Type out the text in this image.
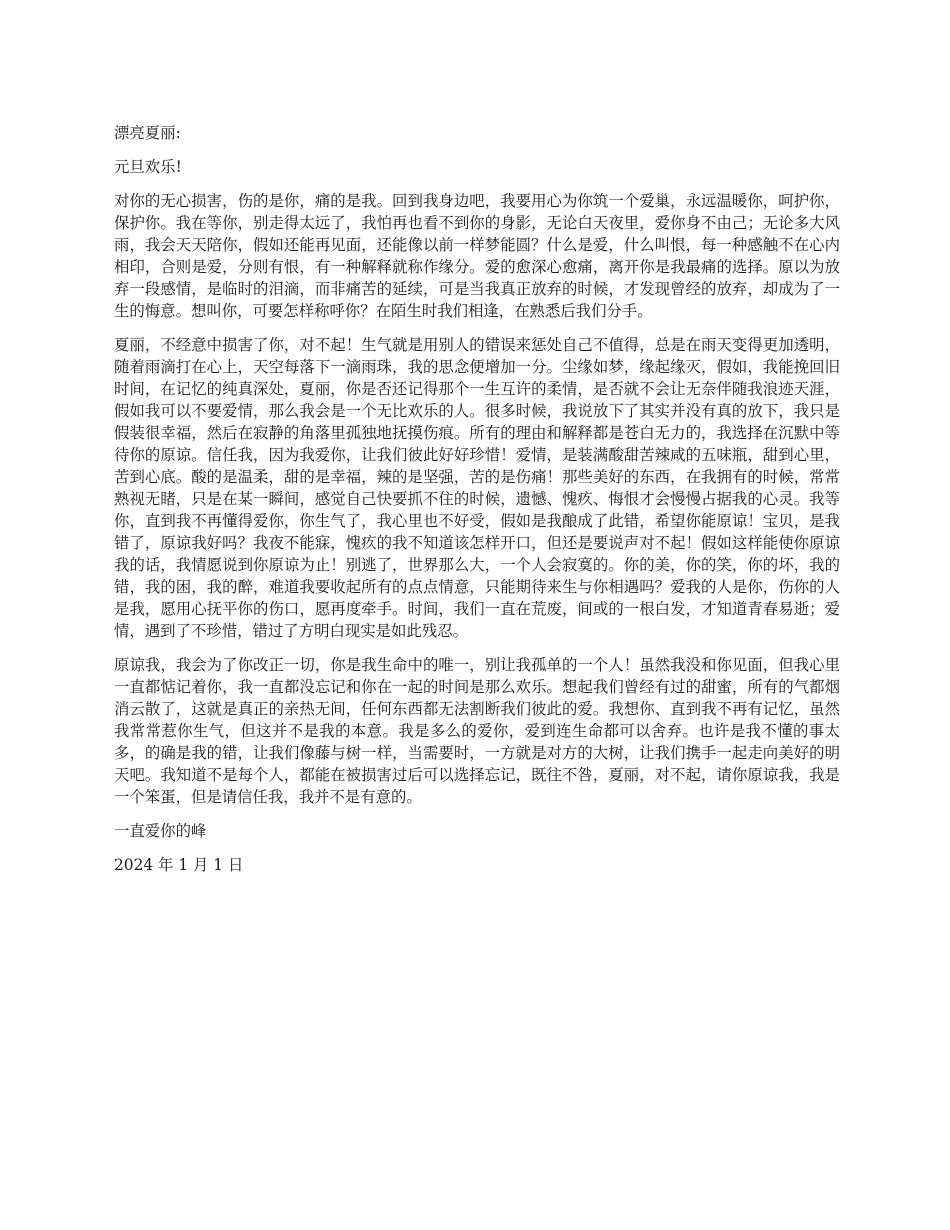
漂亮夏丽:

元旦欢乐!

对你的无心损害，伤的是你，痛的是我。回到我身边吧，我要用心为你筑一个爱巢，永远温暖你，呵护你，保护你。我在等你，别走得太远了，我怕再也看不到你的身影，无论白天夜里，爱你身不由己；无论多大风雨，我会天天陪你，假如还能再见面，还能像以前一样梦能圆？什么是爱，什么叫恨，每一种感触不在心内相印，合则是爱，分则有恨，有一种解释就称作缘分。爱的愈深心愈痛，离开你是我最痛的选择。原以为放弃一段感情，是临时的泪滴，而非痛苦的延续，可是当我真正放弃的时候，才发现曾经的放弃，却成为了一生的悔意。想叫你，可要怎样称呼你？在陌生时我们相逢，在熟悉后我们分手。

夏丽，不经意中损害了你，对不起！生气就是用别人的错误来惩处自己不值得，总是在雨天变得更加透明，随着雨滴打在心上，天空每落下一滴雨珠，我的思念便增加一分。尘缘如梦，缘起缘灭，假如，我能挽回旧时间，在记忆的纯真深处，夏丽，你是否还记得那个一生互许的柔情，是否就不会让无奈伴随我浪迹天涯，假如我可以不要爱情，那么我会是一个无比欢乐的人。很多时候，我说放下了其实并没有真的放下，我只是假装很幸福，然后在寂静的角落里孤独地抚摸伤痕。所有的理由和解释都是苍白无力的，我选择在沉默中等待你的原谅。信任我，因为我爱你，让我们彼此好好珍惜！爱情，是装满酸甜苦辣咸的五味瓶，甜到心里，苦到心底。酸的是温柔，甜的是幸福，辣的是坚强，苦的是伤痛！那些美好的东西，在我拥有的时候，常常熟视无睹，只是在某一瞬间，感觉自己快要抓不住的时候，遗憾、愧疚、悔恨才会慢慢占据我的心灵。我等你，直到我不再懂得爱你，你生气了，我心里也不好受，假如是我酿成了此错，希望你能原谅！宝贝，是我错了，原谅我好吗？我夜不能寐，愧疚的我不知道该怎样开口，但还是要说声对不起！假如这样能使你原谅我的话，我情愿说到你原谅为止！别逃了，世界那么大，一个人会寂寞的。你的美，你的笑，你的坏，我的错，我的困，我的醉，难道我要收起所有的点点情意，只能期待来生与你相遇吗？爱我的人是你，伤你的人是我，愿用心抚平你的伤口，愿再度牵手。时间，我们一直在荒废，间或的一根白发，才知道青春易逝；爱情，遇到了不珍惜，错过了方明白现实是如此残忍。

原谅我，我会为了你改正一切，你是我生命中的唯一，别让我孤单的一个人！虽然我没和你见面，但我心里一直都惦记着你，我一直都没忘记和你在一起的时间是那么欢乐。想起我们曾经有过的甜蜜，所有的气都烟消云散了，这就是真正的亲热无间，任何东西都无法割断我们彼此的爱。我想你、直到我不再有记忆，虽然我常常惹你生气，但这并不是我的本意。我是多么的爱你，爱到连生命都可以舍弃。也许是我不懂的事太多，的确是我的错，让我们像藤与树一样，当需要时，一方就是对方的大树，让我们携手一起走向美好的明天吧。我知道不是每个人，都能在被损害过后可以选择忘记，既往不咎，夏丽，对不起，请你原谅我，我是一个笨蛋，但是请信任我，我并不是有意的。

一直爱你的峰

2024 年 1 月 1 日
